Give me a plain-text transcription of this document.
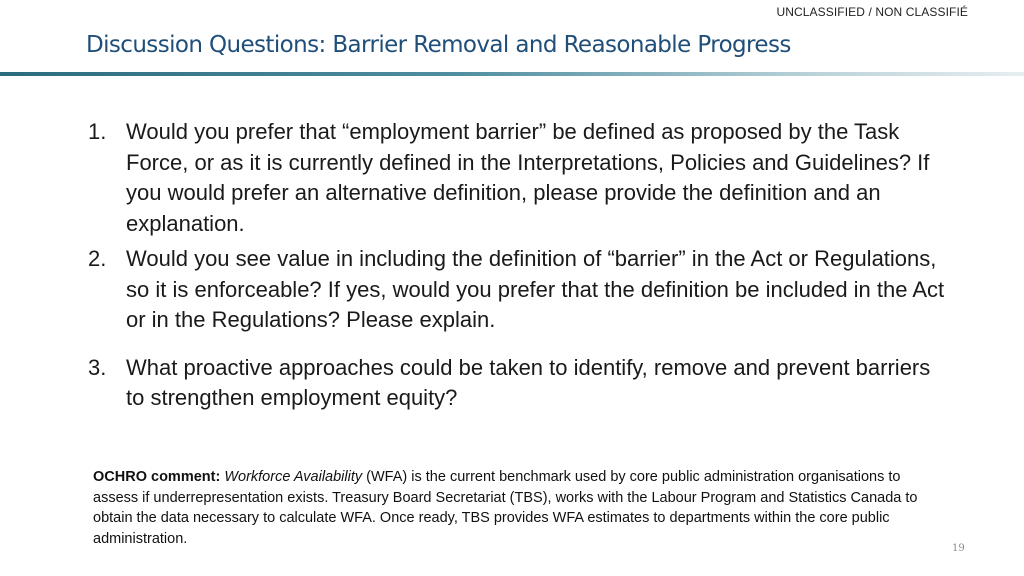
UNCLASSIFIED / NON CLASSIFIÉ
Discussion Questions: Barrier Removal and Reasonable Progress
1. Would you prefer that “employment barrier” be defined as proposed by the Task Force, or as it is currently defined in the Interpretations, Policies and Guidelines? If you would prefer an alternative definition, please provide the definition and an explanation.
2. Would you see value in including the definition of “barrier” in the Act or Regulations, so it is enforceable? If yes, would you prefer that the definition be included in the Act or in the Regulations? Please explain.
3. What proactive approaches could be taken to identify, remove and prevent barriers to strengthen employment equity?
OCHRO comment: Workforce Availability (WFA) is the current benchmark used by core public administration organisations to assess if underrepresentation exists. Treasury Board Secretariat (TBS), works with the Labour Program and Statistics Canada to obtain the data necessary to calculate WFA. Once ready, TBS provides WFA estimates to departments within the core public administration.
19
